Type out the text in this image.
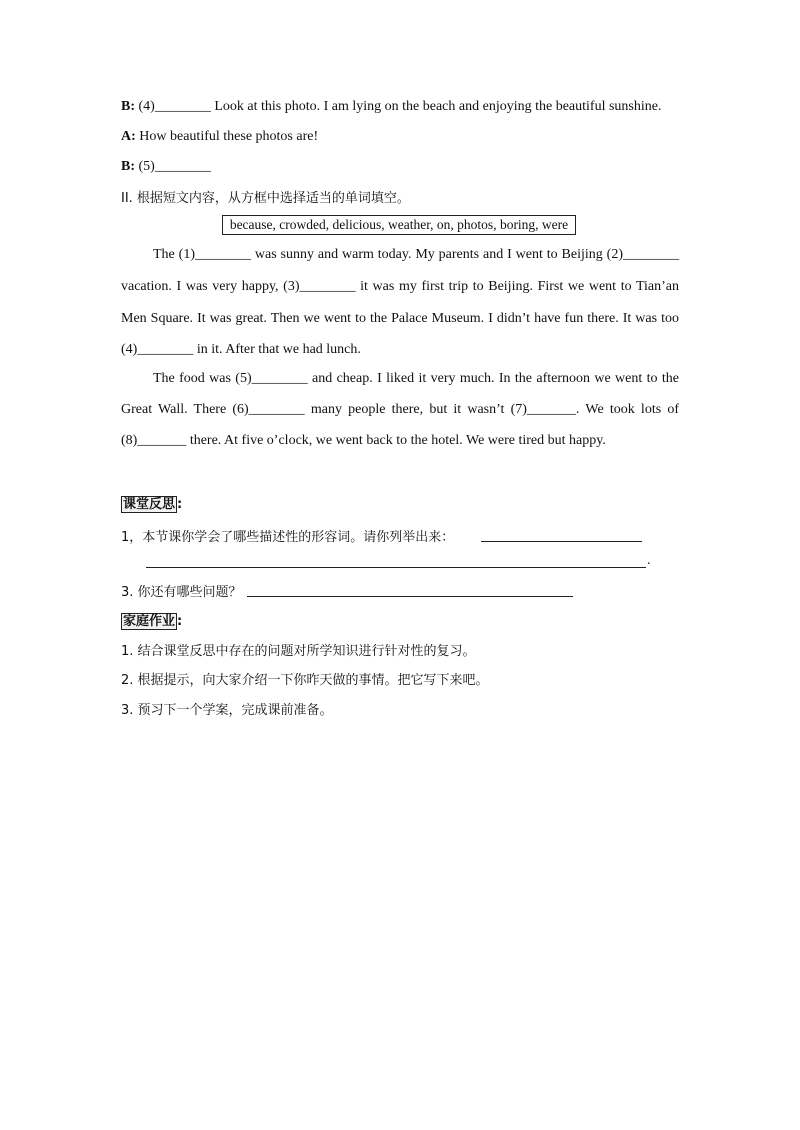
B: (4)________ Look at this photo. I am lying on the beach and enjoying the beautiful sunshine.
A: How beautiful these photos are!
B: (5)________
II. 根据短文内容，从方框中选择适当的单词填空。
because, crowded, delicious, weather, on, photos, boring, were
The (1)________ was sunny and warm today. My parents and I went to Beijing (2)________
vacation. I was very happy, (3)________ it was my first trip to Beijing. First we went to Tian’an
Men Square. It was great. Then we went to the Palace Museum. I didn’t have fun there. It was too
(4)________ in it. After that we had lunch.
The food was (5)________ and cheap. I liked it very much. In the afternoon we went to the
Great Wall. There (6)________ many people there, but it wasn’t (7)_______. We took lots of
(8)_______ there. At five o’clock, we went back to the hotel. We were tired but happy.
课堂反思 :
1，本节课你学会了哪些描述性的形容词。请你列举出来：
.
3. 你还有哪些问题？
家庭作业 :
1. 结合课堂反思中存在的问题对所学知识进行针对性的复习。
2. 根据提示，向大家介绍一下你昨天做的事情。把它写下来吧。
3. 预习下一个学案，完成课前准备。
